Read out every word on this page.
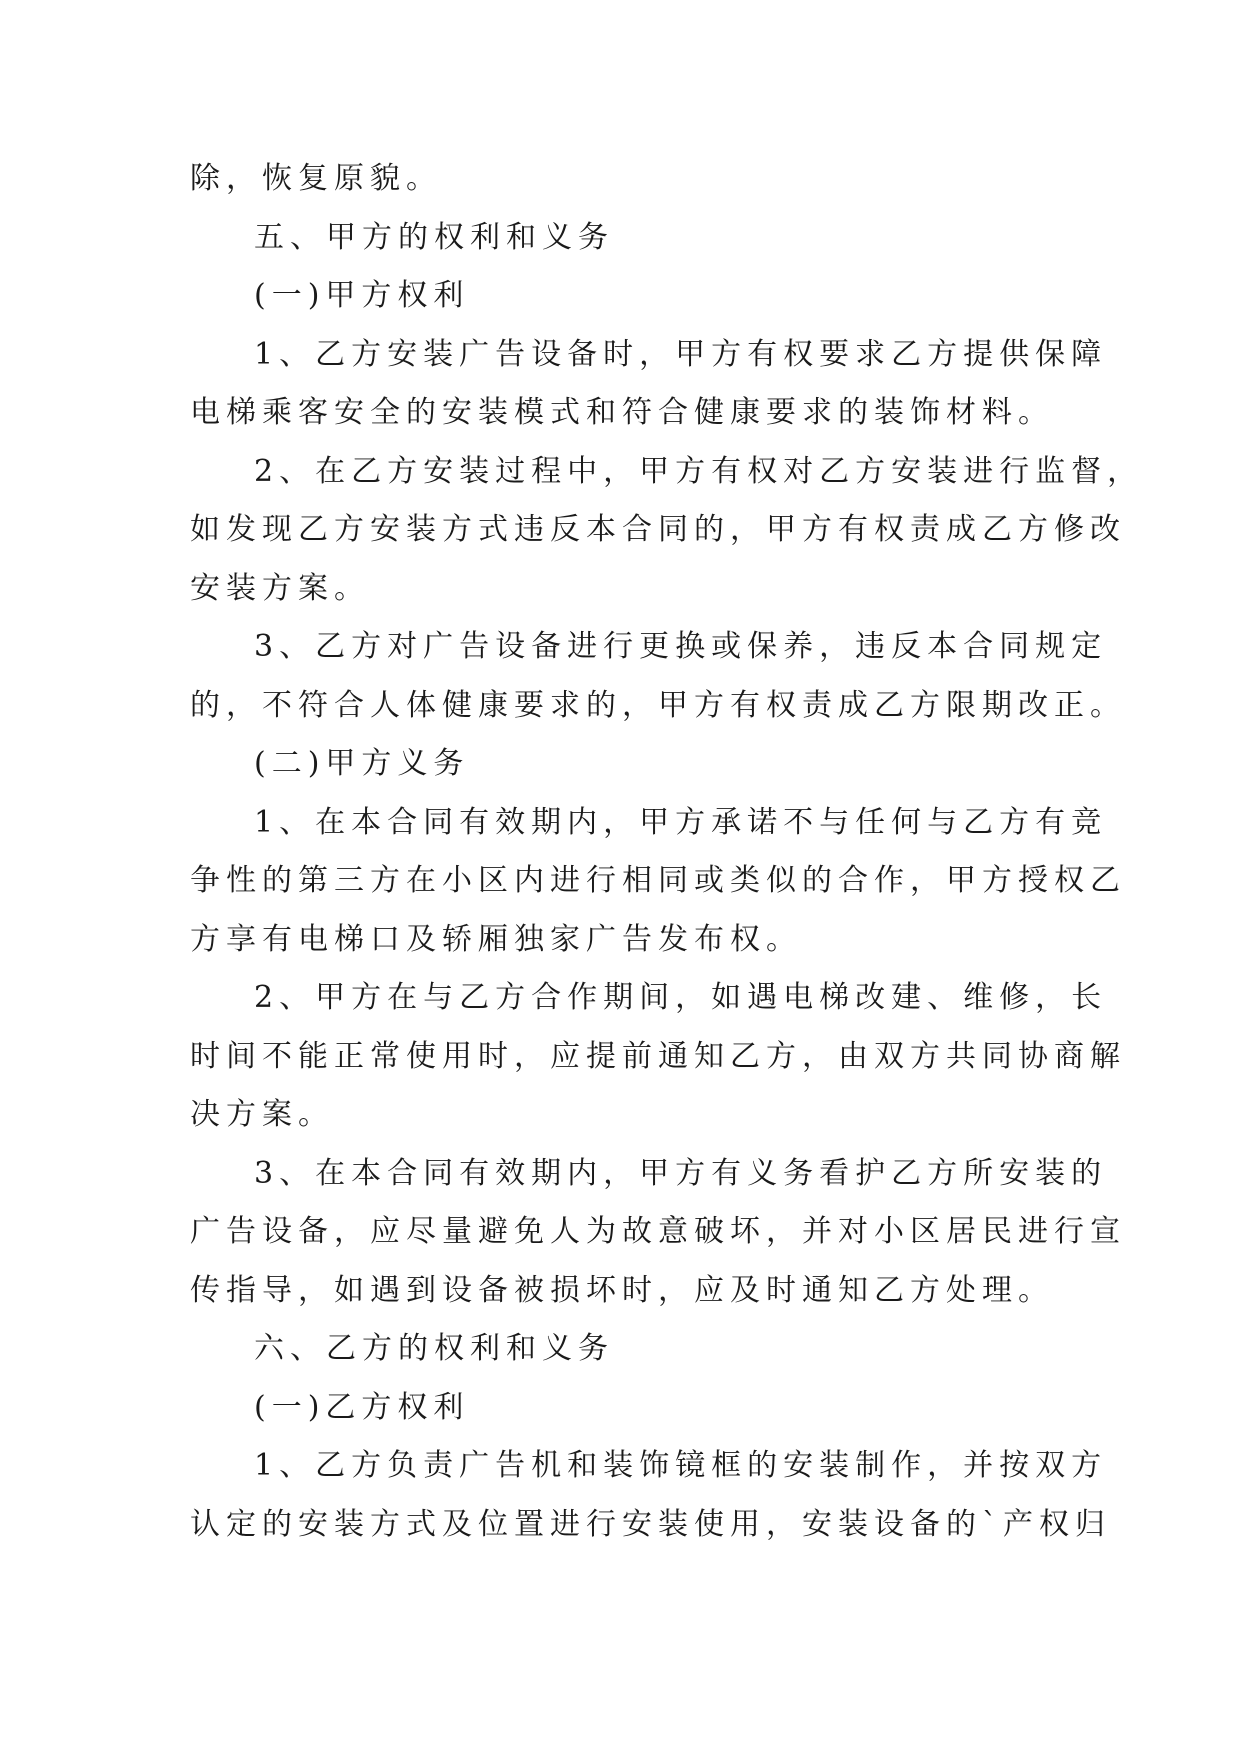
除，恢复原貌。
五、甲方的权利和义务
(一)甲方权利
1、乙方安装广告设备时，甲方有权要求乙方提供保障
电梯乘客安全的安装模式和符合健康要求的装饰材料。
2、在乙方安装过程中，甲方有权对乙方安装进行监督，
如发现乙方安装方式违反本合同的，甲方有权责成乙方修改
安装方案。
3、乙方对广告设备进行更换或保养，违反本合同规定
的，不符合人体健康要求的，甲方有权责成乙方限期改正。
(二)甲方义务
1、在本合同有效期内，甲方承诺不与任何与乙方有竞
争性的第三方在小区内进行相同或类似的合作，甲方授权乙
方享有电梯口及轿厢独家广告发布权。
2、甲方在与乙方合作期间，如遇电梯改建、维修，长
时间不能正常使用时，应提前通知乙方，由双方共同协商解
决方案。
3、在本合同有效期内，甲方有义务看护乙方所安装的
广告设备，应尽量避免人为故意破坏，并对小区居民进行宣
传指导，如遇到设备被损坏时，应及时通知乙方处理。
六、乙方的权利和义务
(一)乙方权利
1、乙方负责广告机和装饰镜框的安装制作，并按双方
认定的安装方式及位置进行安装使用，安装设备的`产权归
